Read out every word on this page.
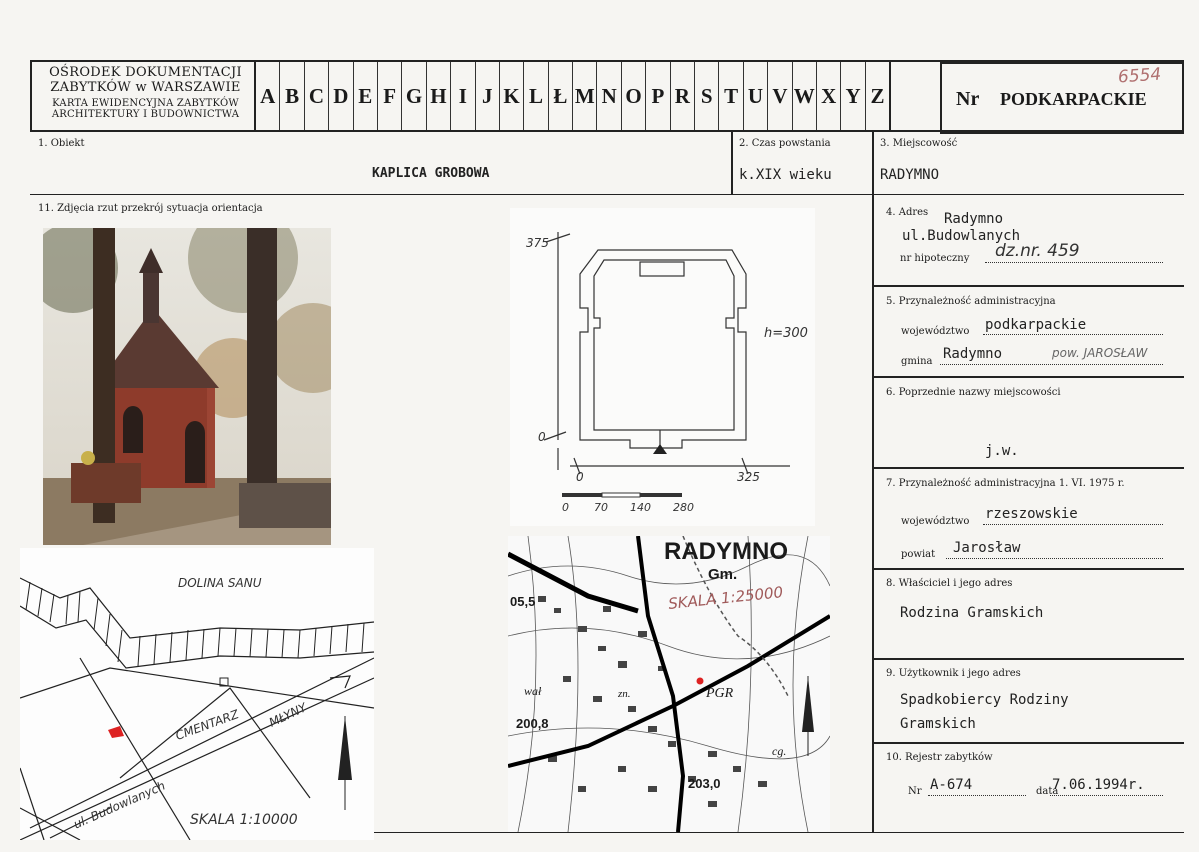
OŚRODEK DOKUMENTACJI
ZABYTKÓW w WARSZAWIE
KARTA EWIDENCYJNA ZABYTKÓW
ARCHITEKTURY I BUDOWNICTWA
A B C D E F G H I J K L Ł M N O P R S T U V W X Y Z	Nr PODKARPACKIE
6554
1. Obiekt
KAPLICA GROBOWA
2. Czas powstania
k.XIX wieku
3. Miejscowość
RADYMNO
11. Zdjęcia rzut przekrój sytuacja orientacja	4. Adres Radymno
ul.Budowlanych
nr hipoteczny dz.nr. 459
5. Przynależność administracyjna
województwo podkarpackie
gmina Radymno	pow. JAROSŁAW
6. Poprzednie nazwy miejscowości
j.w.
7. Przynależność administracyjna 1. VI. 1975 r.
województwo rzeszowskie
powiat Jarosław
8. Właściciel i jego adres
Rodzina Gramskich
9. Użytkownik i jego adres
Spadkobiercy Rodziny
Gramskich
10. Rejestr zabytków
Nr A-674	data
7.06.1994r.
375
0
0	325
h=300
0 70 140 280
RADYMNO
Gm.
SKALA 1:25000
05,5
wał
200,8
PGR
zn.
cg.
203,0
DOLINA SANU
CMENTARZ MŁYNY
ul. Budowlanych SKALA 1:10000
